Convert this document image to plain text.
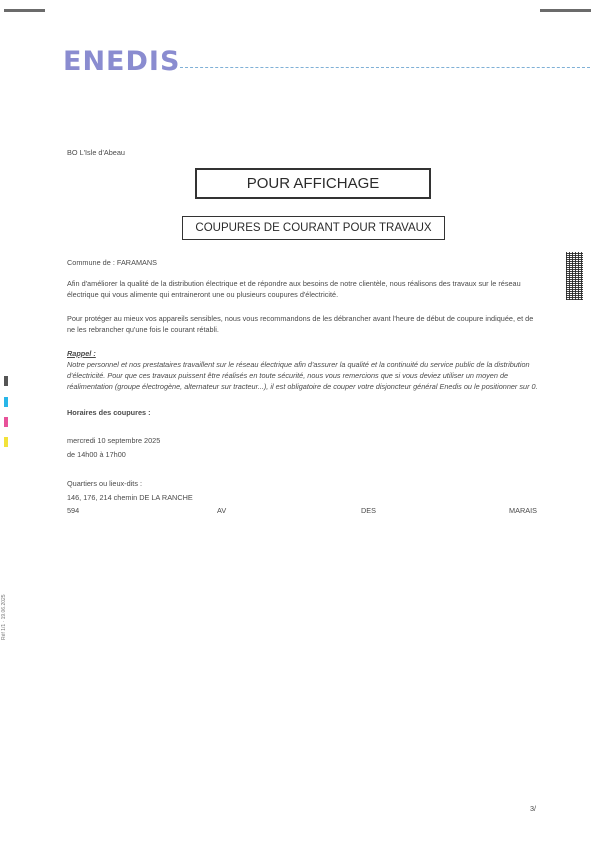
ENEDIS
BO L'Isle d'Abeau
POUR AFFICHAGE
COUPURES DE COURANT POUR TRAVAUX
Commune de : FARAMANS
Afin d'améliorer la qualité de la distribution électrique et de répondre aux besoins de notre clientèle, nous réalisons des travaux sur le réseau électrique qui vous alimente qui entraineront une ou plusieurs coupures d'électricité.
Pour protéger au mieux vos appareils sensibles, nous vous recommandons de les débrancher avant l'heure de début de coupure indiquée, et de ne les rebrancher qu'une fois le courant rétabli.
Rappel :
Notre personnel et nos prestataires travaillent sur le réseau électrique afin d'assurer la qualité et la continuité du service public de la distribution d'électricité. Pour que ces travaux puissent être réalisés en toute sécurité, nous vous remercions que si vous deviez utiliser un moyen de réalimentation (groupe électrogène, alternateur sur tracteur...), il est obligatoire de couper votre disjoncteur général Enedis ou le positionner sur 0.
Horaires des coupures :
mercredi 10 septembre 2025
de 14h00 à 17h00
Quartiers ou lieux-dits :
146, 176, 214 chemin DE LA RANCHE
594	AV	DES	MARAIS
Réf 1/1 · 19.06.2025
3/
